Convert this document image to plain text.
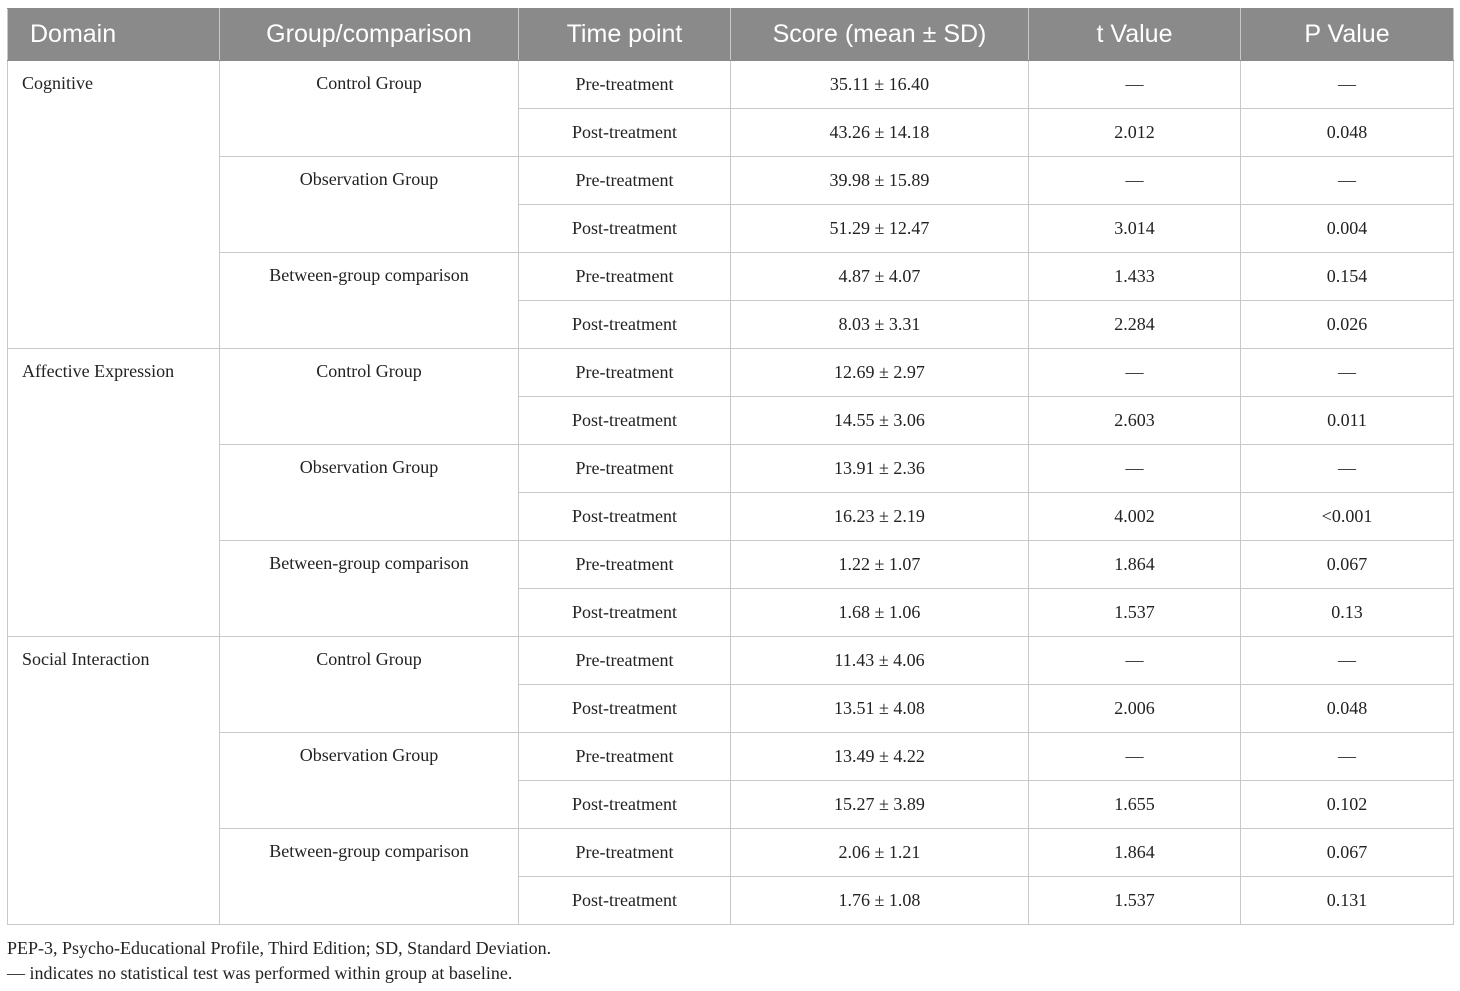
Domain	Group/comparison	Time point	Score (mean ± SD)	t Value	P Value
Cognitive	Control Group	Pre-treatment	35.11 ± 16.40	—	—
		Post-treatment	43.26 ± 14.18	2.012	0.048
	Observation Group	Pre-treatment	39.98 ± 15.89	—	—
		Post-treatment	51.29 ± 12.47	3.014	0.004
	Between-group comparison	Pre-treatment	4.87 ± 4.07	1.433	0.154
		Post-treatment	8.03 ± 3.31	2.284	0.026
Affective Expression	Control Group	Pre-treatment	12.69 ± 2.97	—	—
		Post-treatment	14.55 ± 3.06	2.603	0.011
	Observation Group	Pre-treatment	13.91 ± 2.36	—	—
		Post-treatment	16.23 ± 2.19	4.002	<0.001
	Between-group comparison	Pre-treatment	1.22 ± 1.07	1.864	0.067
		Post-treatment	1.68 ± 1.06	1.537	0.13
Social Interaction	Control Group	Pre-treatment	11.43 ± 4.06	—	—
		Post-treatment	13.51 ± 4.08	2.006	0.048
	Observation Group	Pre-treatment	13.49 ± 4.22	—	—
		Post-treatment	15.27 ± 3.89	1.655	0.102
	Between-group comparison	Pre-treatment	2.06 ± 1.21	1.864	0.067
		Post-treatment	1.76 ± 1.08	1.537	0.131
PEP-3, Psycho-Educational Profile, Third Edition; SD, Standard Deviation.
— indicates no statistical test was performed within group at baseline.
